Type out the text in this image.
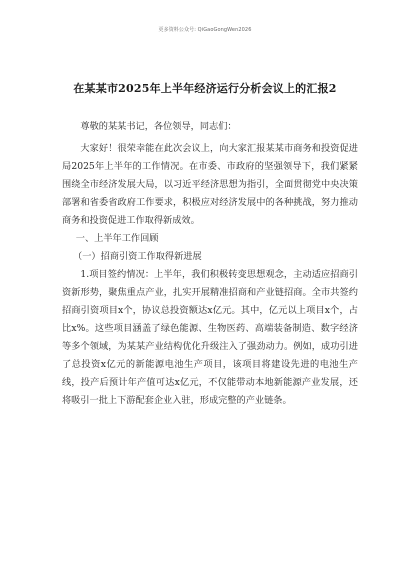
更多资料公众号: QiGaoGongWen2026
在某某市2025年上半年经济运行分析会议上的汇报2

尊敬的某某书记，各位领导，同志们：

大家好！很荣幸能在此次会议上，向大家汇报某某市商务和投资促进局2025年上半年的工作情况。在市委、市政府的坚强领导下，我们紧紧围绕全市经济发展大局，以习近平经济思想为指引，全面贯彻党中央决策部署和省委省政府工作要求，积极应对经济发展中的各种挑战，努力推动商务和投资促进工作取得新成效。

一、上半年工作回顾

（一）招商引资工作取得新进展

1.项目签约情况：上半年，我们积极转变思想观念，主动适应招商引资新形势，聚焦重点产业，扎实开展精准招商和产业链招商。全市共签约招商引资项目x个，协议总投资额达x亿元。其中，亿元以上项目x个，占比x%。这些项目涵盖了绿色能源、生物医药、高端装备制造、数字经济等多个领域，为某某产业结构优化升级注入了强劲动力。例如，成功引进了总投资x亿元的新能源电池生产项目，该项目将建设先进的电池生产线，投产后预计年产值可达x亿元，不仅能带动本地新能源产业发展，还将吸引一批上下游配套企业入驻，形成完整的产业链条。
